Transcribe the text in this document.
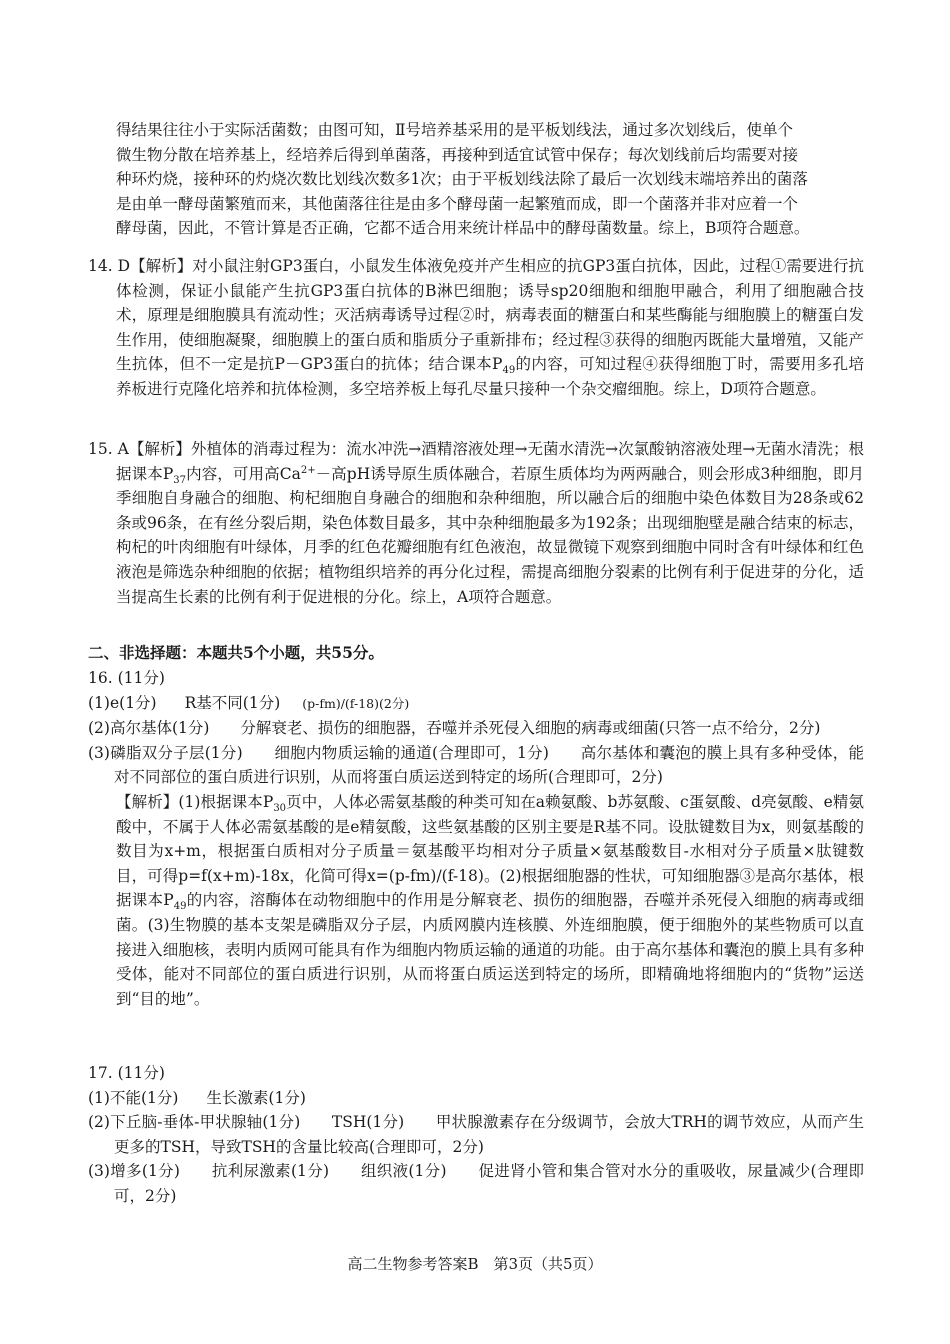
得结果往往小于实际活菌数；由图可知，Ⅱ号培养基采用的是平板划线法，通过多次划线后，使单个

微生物分散在培养基上，经培养后得到单菌落，再接种到适宜试管中保存；每次划线前后均需要对接

种环灼烧，接种环的灼烧次数比划线次数多1次；由于平板划线法除了最后一次划线末端培养出的菌落

是由单一酵母菌繁殖而来，其他菌落往往是由多个酵母菌一起繁殖而成，即一个菌落并非对应着一个

酵母菌，因此，不管计算是否正确，它都不适合用来统计样品中的酵母菌数量。综上，B项符合题意。

14. D【解析】对小鼠注射GP3蛋白，小鼠发生体液免疫并产生相应的抗GP3蛋白抗体，因此，过程①需要进行抗体检测，保证小鼠能产生抗GP3蛋白抗体的B淋巴细胞；诱导sp20细胞和细胞甲融合，利用了细胞融合技术，原理是细胞膜具有流动性；灭活病毒诱导过程②时，病毒表面的糖蛋白和某些酶能与细胞膜上的糖蛋白发生作用，使细胞凝聚，细胞膜上的蛋白质和脂质分子重新排布；经过程③获得的细胞丙既能大量增殖，又能产生抗体，但不一定是抗P－GP3蛋白的抗体；结合课本$P_{49}$的内容，可知过程④获得细胞丁时，需要用多孔培养板进行克隆化培养和抗体检测，多空培养板上每孔尽量只接种一个杂交瘤细胞。综上，D项符合题意。

15. A【解析】外植体的消毒过程为：流水冲洗→酒精溶液处理→无菌水清洗→次氯酸钠溶液处理→无菌水清洗；根据课本$P_{37}$内容，可用高$Ca^{2+}-$高pH诱导原生质体融合，若原生质体均为两两融合，则会形成3种细胞，即月季细胞自身融合的细胞、枸杞细胞自身融合的细胞和杂种细胞，所以融合后的细胞中染色体数目为28条或62条或96条，在有丝分裂后期，染色体数目最多，其中杂种细胞最多为192条；出现细胞壁是融合结束的标志，枸杞的叶肉细胞有叶绿体，月季的红色花瓣细胞有红色液泡，故显微镜下观察到细胞中同时含有叶绿体和红色液泡是筛选杂种细胞的依据；植物组织培养的再分化过程，需提高细胞分裂素的比例有利于促进芽的分化，适当提高生长素的比例有利于促进根的分化。综上，A项符合题意。

二、非选择题：本题共5个小题，共55分。

16. (11分)

(1)e(1分) R基不同(1分) (p-fm)/(f-18)(2分)

(2)高尔基体(1分)　　分解衰老、损伤的细胞器，吞噬并杀死侵入细胞的病毒或细菌(只答一点不给分，2分)

(3)磷脂双分子层(1分)　　细胞内物质运输的通道(合理即可，1分)　　高尔基体和囊泡的膜上具有多种受体，能对不同部位的蛋白质进行识别，从而将蛋白质运送到特定的场所(合理即可，2分)

【解析】(1)根据课本$P_{30}$页中，人体必需氨基酸的种类可知在a赖氨酸、b苏氨酸、c蛋氨酸、d亮氨酸、e精氨酸中，不属于人体必需氨基酸的是e精氨酸，这些氨基酸的区别主要是R基不同。设肽键数目为x，则氨基酸的数目为x+m，根据蛋白质相对分子质量＝氨基酸平均相对分子质量×氨基酸数目-水相对分子质量×肽键数目，可得p=f(x+m)-18x，化简可得x=(p-fm)/(f-18)。(2)根据细胞器的性状，可知细胞器③是高尔基体，根据课本$P_{49}$的内容，溶酶体在动物细胞中的作用是分解衰老、损伤的细胞器，吞噬并杀死侵入细胞的病毒或细菌。(3)生物膜的基本支架是磷脂双分子层，内质网膜内连核膜、外连细胞膜，便于细胞外的某些物质可以直接进入细胞核，表明内质网可能具有作为细胞内物质运输的通道的功能。由于高尔基体和囊泡的膜上具有多种受体，能对不同部位的蛋白质进行识别，从而将蛋白质运送到特定的场所，即精确地将细胞内的“货物”运送到“目的地”。

17. (11分)

(1)不能(1分) 生长激素(1分)

(2)下丘脑-垂体-甲状腺轴(1分)　　TSH(1分)　　甲状腺激素存在分级调节，会放大TRH的调节效应，从而产生更多的TSH，导致TSH的含量比较高(合理即可，2分)

(3)增多(1分)　　抗利尿激素(1分)　　组织液(1分)　　促进肾小管和集合管对水分的重吸收，尿量减少(合理即可，2分)

高二生物参考答案B　第3页（共5页）
